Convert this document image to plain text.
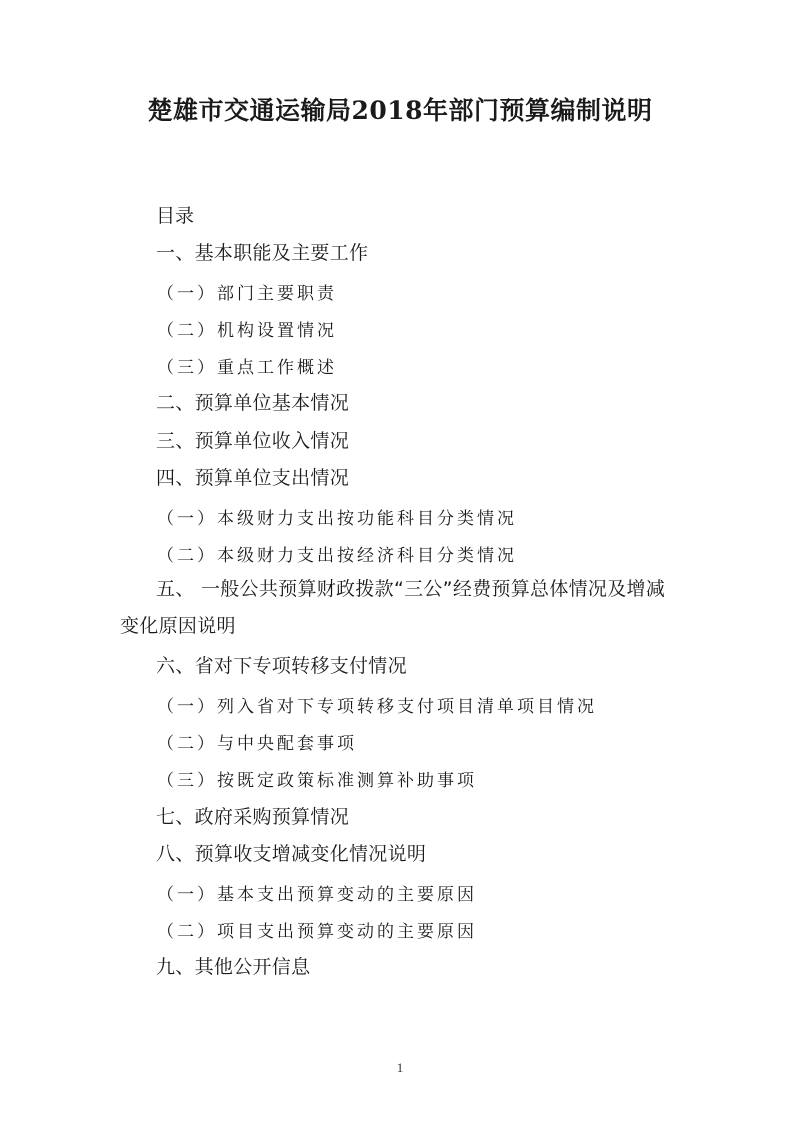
楚雄市交通运输局2018年部门预算编制说明
目录
一、基本职能及主要工作
（一）部门主要职责
（二）机构设置情况
（三）重点工作概述
二、预算单位基本情况
三、预算单位收入情况
四、预算单位支出情况
（一）本级财力支出按功能科目分类情况
（二）本级财力支出按经济科目分类情况
五、 一般公共预算财政拨款“三公”经费预算总体情况及增减变化原因说明
六、省对下专项转移支付情况
（一）列入省对下专项转移支付项目清单项目情况
（二）与中央配套事项
（三）按既定政策标准测算补助事项
七、政府采购预算情况
八、预算收支增减变化情况说明
（一）基本支出预算变动的主要原因
（二）项目支出预算变动的主要原因
九、其他公开信息
1
